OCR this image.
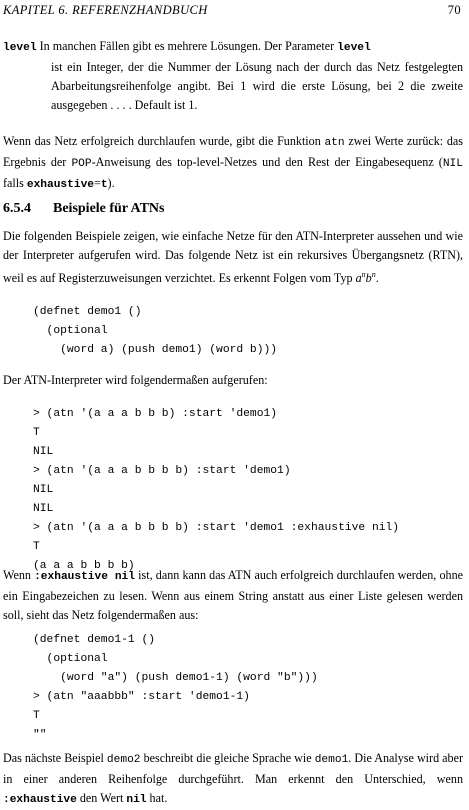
KAPITEL 6. REFERENZHANDBUCH	70
level In manchen Fällen gibt es mehrere Lösungen. Der Parameter level
ist ein Integer, der die Nummer der Lösung nach der durch das Netz festgelegten Abarbeitungsreihenfolge angibt. Bei 1 wird die erste Lösung, bei 2 die zweite ausgegeben . . . . Default ist 1.
Wenn das Netz erfolgreich durchlaufen wurde, gibt die Funktion atn zwei Werte zurück: das Ergebnis der POP-Anweisung des top-level-Netzes und den Rest der Eingabesequenz (NIL falls exhaustive=t).
6.5.4 Beispiele für ATNs
Die folgenden Beispiele zeigen, wie einfache Netze für den ATN-Interpreter aussehen und wie der Interpreter aufgerufen wird. Das folgende Netz ist ein rekursives Übergangsnetz (RTN), weil es auf Registerzuweisungen verzichtet. Es erkennt Folgen vom Typ $a^nb^n$.
(defnet demo1 ()
(optional
(word a) (push demo1) (word b)))
Der ATN-Interpreter wird folgendermaßen aufgerufen:
> (atn '(a a a b b b) :start 'demo1)
T
NIL
> (atn '(a a a b b b b) :start 'demo1)
NIL
NIL
> (atn '(a a a b b b b) :start 'demo1 :exhaustive nil)
T
(a a a b b b b)
Wenn :exhaustive nil ist, dann kann das ATN auch erfolgreich durchlaufen werden, ohne ein Eingabezeichen zu lesen. Wenn aus einem String anstatt aus einer Liste gelesen werden soll, sieht das Netz folgendermaßen aus:
(defnet demo1-1 ()
(optional
(word "a") (push demo1-1) (word "b")))
> (atn "aaabbb" :start 'demo1-1)
T
""
Das nächste Beispiel demo2 beschreibt die gleiche Sprache wie demo1. Die Analyse wird aber in einer anderen Reihenfolge durchgeführt. Man erkennt den Unterschied, wenn :exhaustive den Wert nil hat.
